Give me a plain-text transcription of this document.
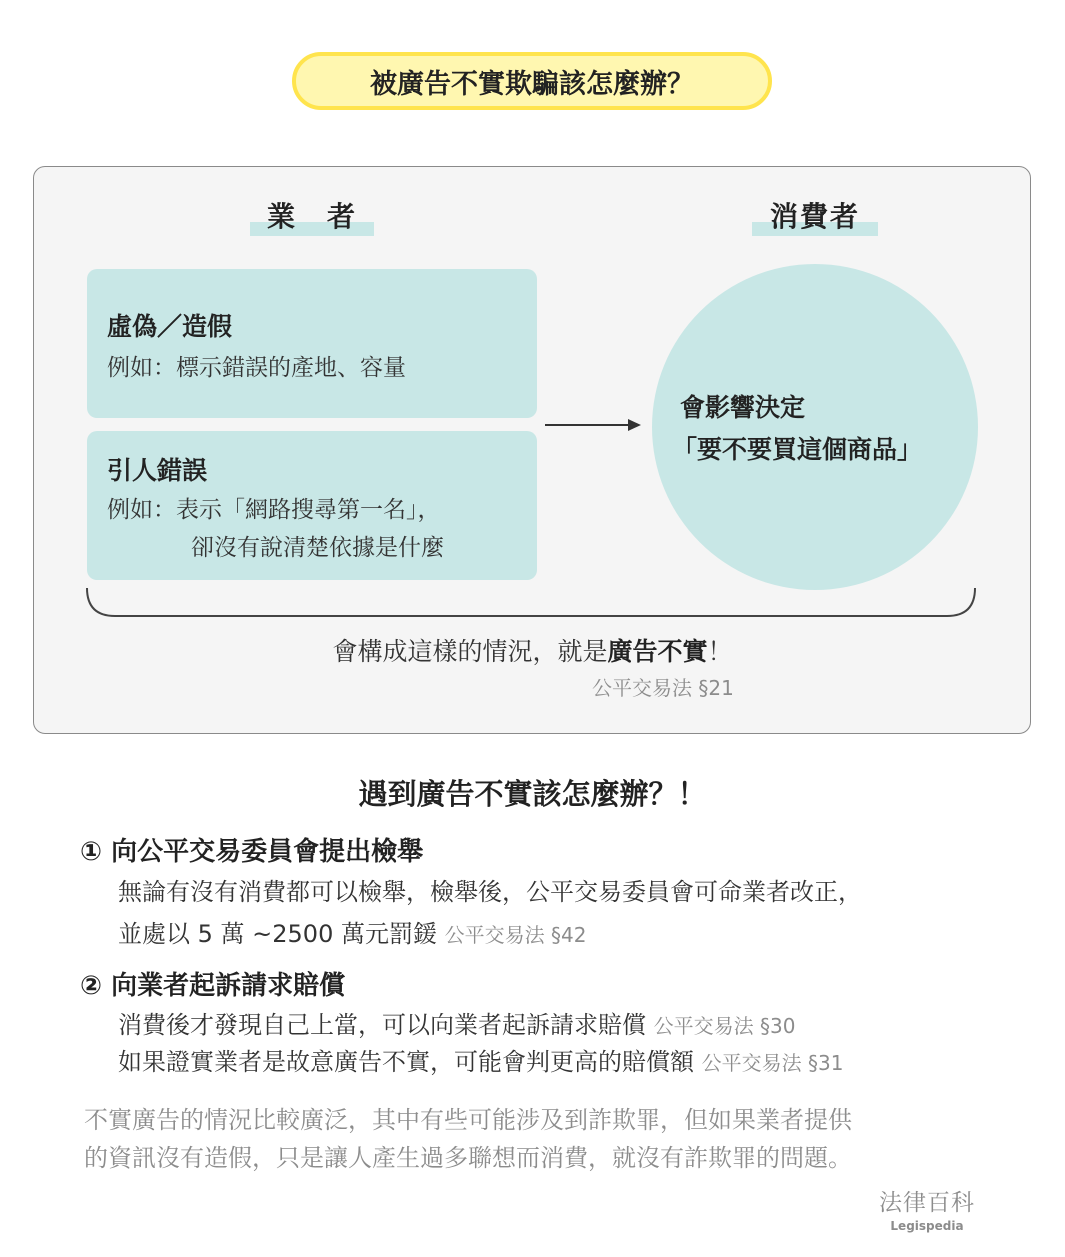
被廣告不實欺騙該怎麼辦？
業　者	消費者
虛偽／造假
例如：標示錯誤的產地、容量
引人錯誤
例如：表示「網路搜尋第一名」，
卻沒有說清楚依據是什麼
會影響決定
「要不要買這個商品」
會構成這樣的情況，就是廣告不實！
公平交易法 §21
遇到廣告不實該怎麼辦？！
① 向公平交易委員會提出檢舉
無論有沒有消費都可以檢舉，檢舉後，公平交易委員會可命業者改正，
並處以 5 萬 ~2500 萬元罰鍰 公平交易法 §42
② 向業者起訴請求賠償
消費後才發現自己上當，可以向業者起訴請求賠償 公平交易法 §30
如果證實業者是故意廣告不實，可能會判更高的賠償額 公平交易法 §31
不實廣告的情況比較廣泛，其中有些可能涉及到詐欺罪，但如果業者提供
的資訊沒有造假，只是讓人產生過多聯想而消費，就沒有詐欺罪的問題。
法律百科
Legispedia
